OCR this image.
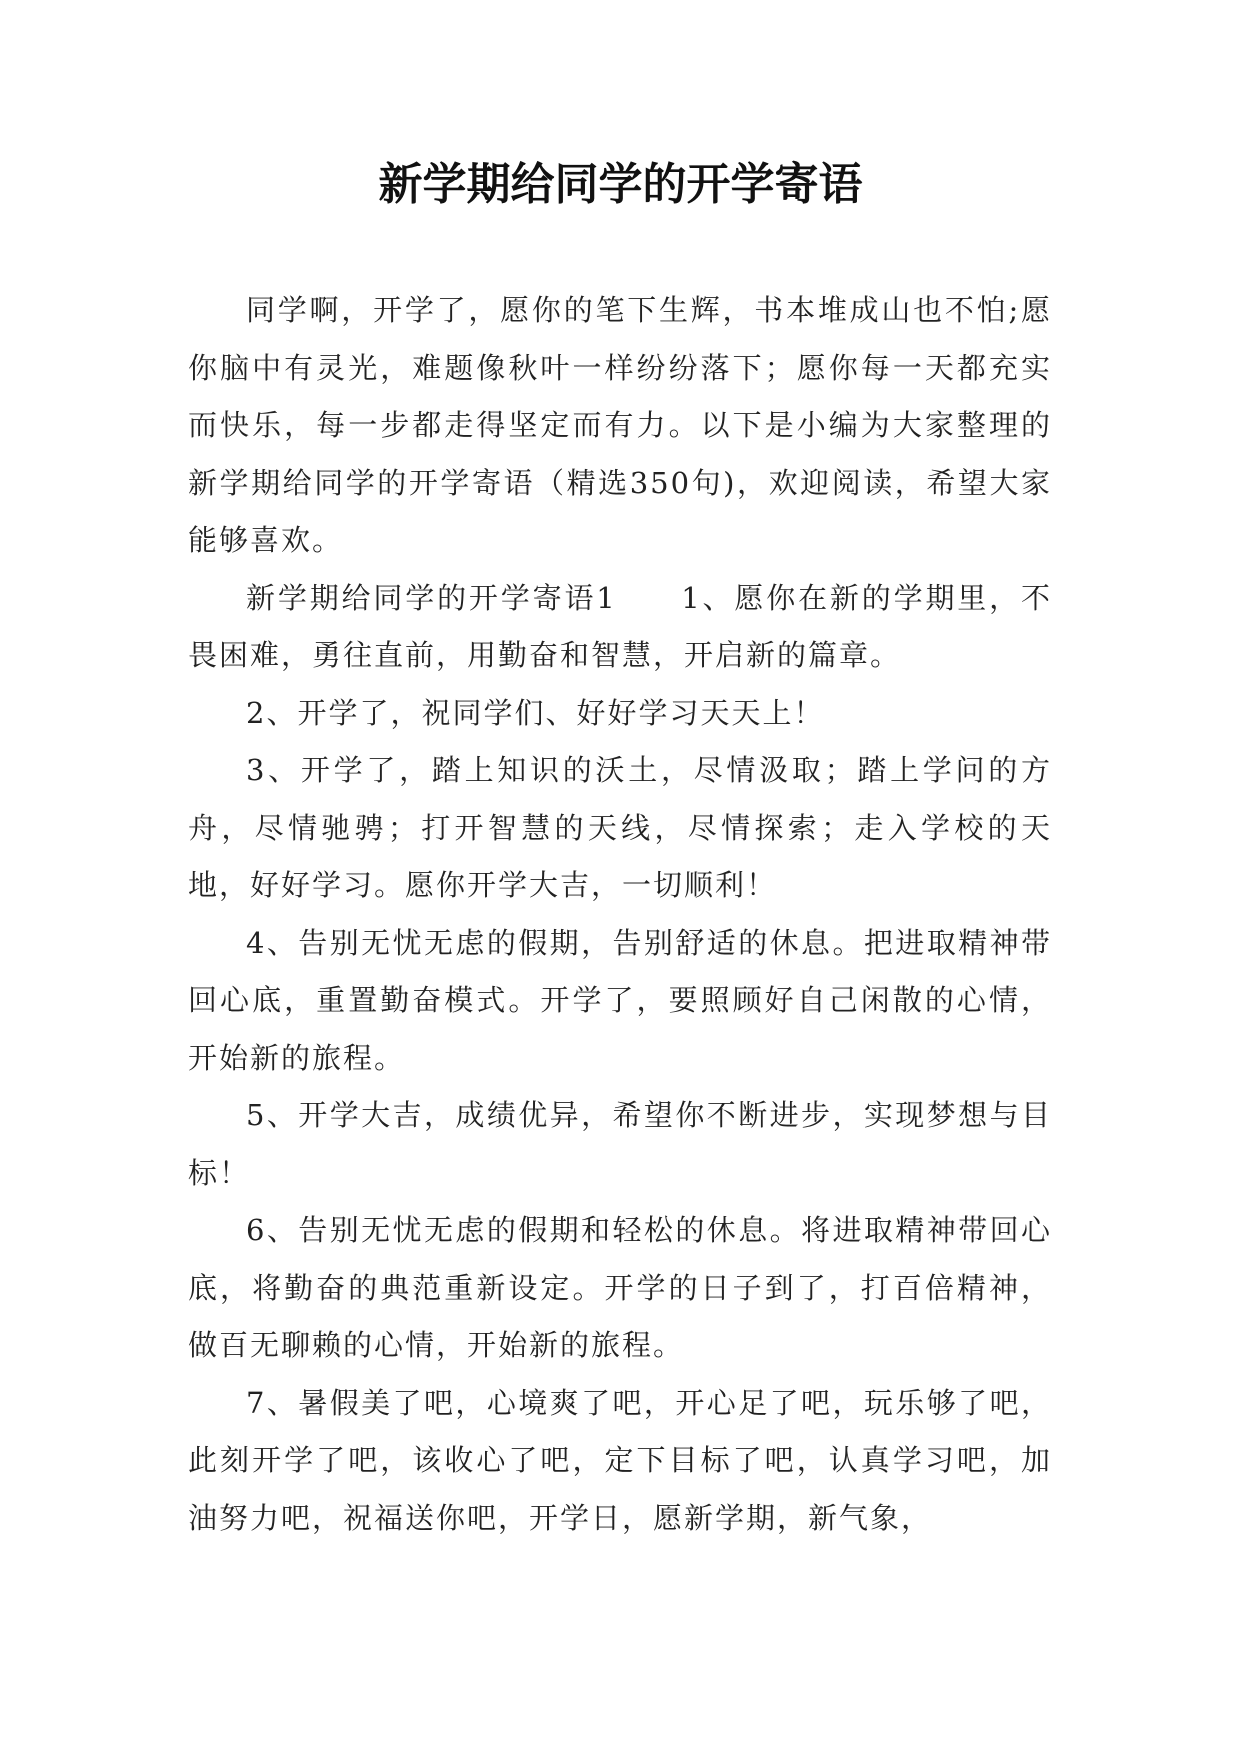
新学期给同学的开学寄语

同学啊，开学了，愿你的笔下生辉，书本堆成山也不怕;愿你脑中有灵光，难题像秋叶一样纷纷落下；愿你每一天都充实而快乐，每一步都走得坚定而有力。以下是小编为大家整理的新学期给同学的开学寄语（精选350句)，欢迎阅读，希望大家能够喜欢。

新学期给同学的开学寄语1　　1、愿你在新的学期里，不畏困难，勇往直前，用勤奋和智慧，开启新的篇章。

2、开学了，祝同学们、好好学习天天上！

3、开学了，踏上知识的沃土，尽情汲取；踏上学问的方舟，尽情驰骋；打开智慧的天线，尽情探索；走入学校的天地，好好学习。愿你开学大吉，一切顺利！

4、告别无忧无虑的假期，告别舒适的休息。把进取精神带回心底，重置勤奋模式。开学了，要照顾好自己闲散的心情，开始新的旅程。

5、开学大吉，成绩优异，希望你不断进步，实现梦想与目标！

6、告别无忧无虑的假期和轻松的休息。将进取精神带回心底，将勤奋的典范重新设定。开学的日子到了，打百倍精神，做百无聊赖的心情，开始新的旅程。

7、暑假美了吧，心境爽了吧，开心足了吧，玩乐够了吧，此刻开学了吧，该收心了吧，定下目标了吧，认真学习吧，加油努力吧，祝福送你吧，开学日，愿新学期，新气象，
